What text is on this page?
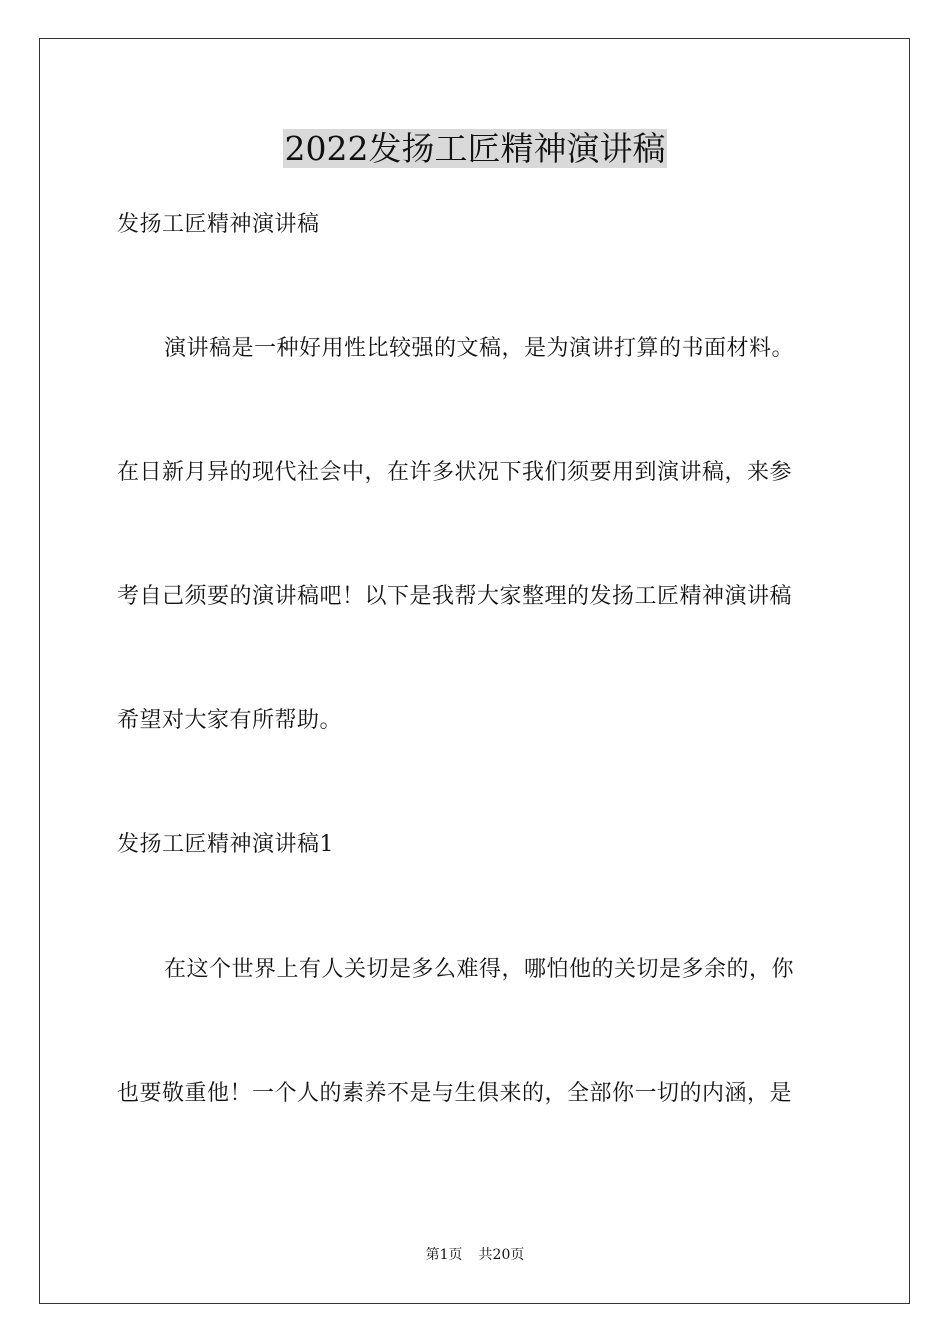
2022发扬工匠精神演讲稿
发扬工匠精神演讲稿
演讲稿是一种好用性比较强的文稿，是为演讲打算的书面材料。
在日新月异的现代社会中，在许多状况下我们须要用到演讲稿，来参
考自己须要的演讲稿吧！以下是我帮大家整理的发扬工匠精神演讲稿
希望对大家有所帮助。
发扬工匠精神演讲稿1
在这个世界上有人关切是多么难得，哪怕他的关切是多余的，你
也要敬重他！一个人的素养不是与生俱来的，全部你一切的内涵，是
第1页 共20页
